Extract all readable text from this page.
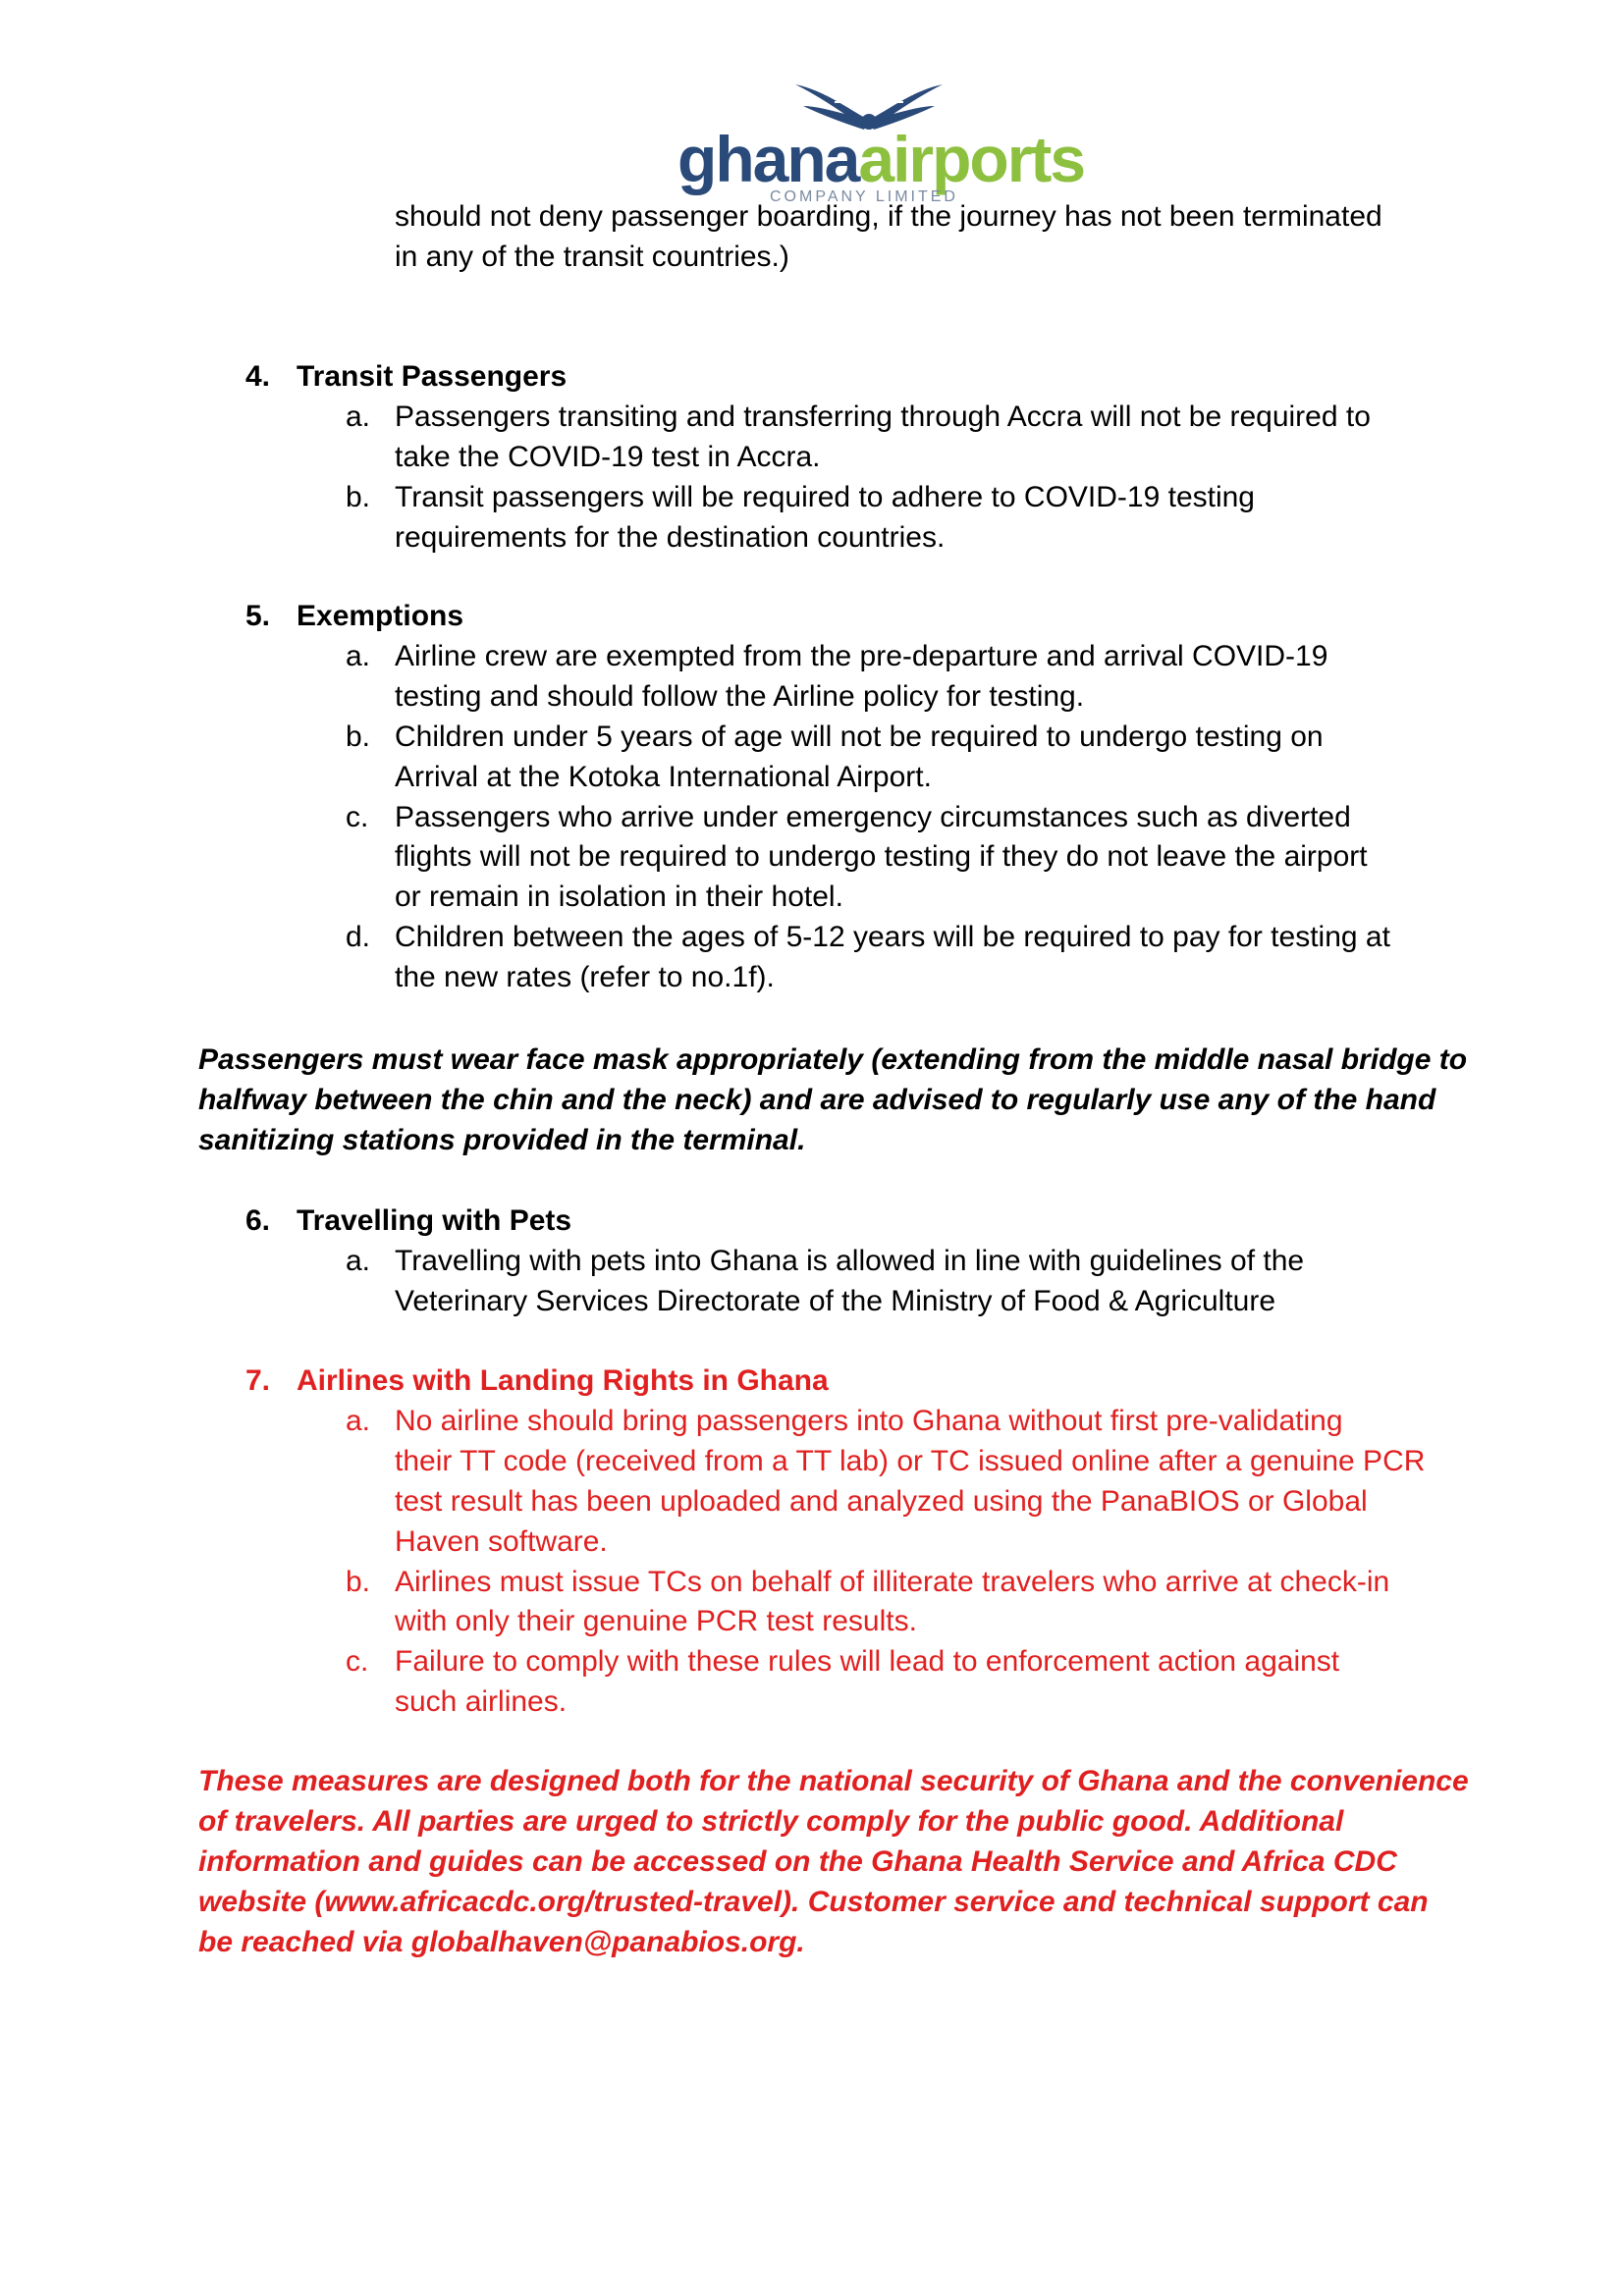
ghanaairports
COMPANY LIMITED
should not deny passenger boarding, if the journey has not been terminated
in any of the transit countries.)
4. Transit Passengers
a. Passengers transiting and transferring through Accra will not be required to
take the COVID-19 test in Accra.
b. Transit passengers will be required to adhere to COVID-19 testing
requirements for the destination countries.
5. Exemptions
a. Airline crew are exempted from the pre-departure and arrival COVID-19
testing and should follow the Airline policy for testing.
b. Children under 5 years of age will not be required to undergo testing on
Arrival at the Kotoka International Airport.
c. Passengers who arrive under emergency circumstances such as diverted
flights will not be required to undergo testing if they do not leave the airport
or remain in isolation in their hotel.
d. Children between the ages of 5-12 years will be required to pay for testing at
the new rates (refer to no.1f).
Passengers must wear face mask appropriately (extending from the middle nasal bridge to
halfway between the chin and the neck) and are advised to regularly use any of the hand
sanitizing stations provided in the terminal.
6. Travelling with Pets
a. Travelling with pets into Ghana is allowed in line with guidelines of the
Veterinary Services Directorate of the Ministry of Food & Agriculture
7. Airlines with Landing Rights in Ghana
a. No airline should bring passengers into Ghana without first pre-validating
their TT code (received from a TT lab) or TC issued online after a genuine PCR
test result has been uploaded and analyzed using the PanaBIOS or Global
Haven software.
b. Airlines must issue TCs on behalf of illiterate travelers who arrive at check-in
with only their genuine PCR test results.
c. Failure to comply with these rules will lead to enforcement action against
such airlines.
These measures are designed both for the national security of Ghana and the convenience
of travelers. All parties are urged to strictly comply for the public good. Additional
information and guides can be accessed on the Ghana Health Service and Africa CDC
website (www.africacdc.org/trusted-travel). Customer service and technical support can
be reached via globalhaven@panabios.org.
